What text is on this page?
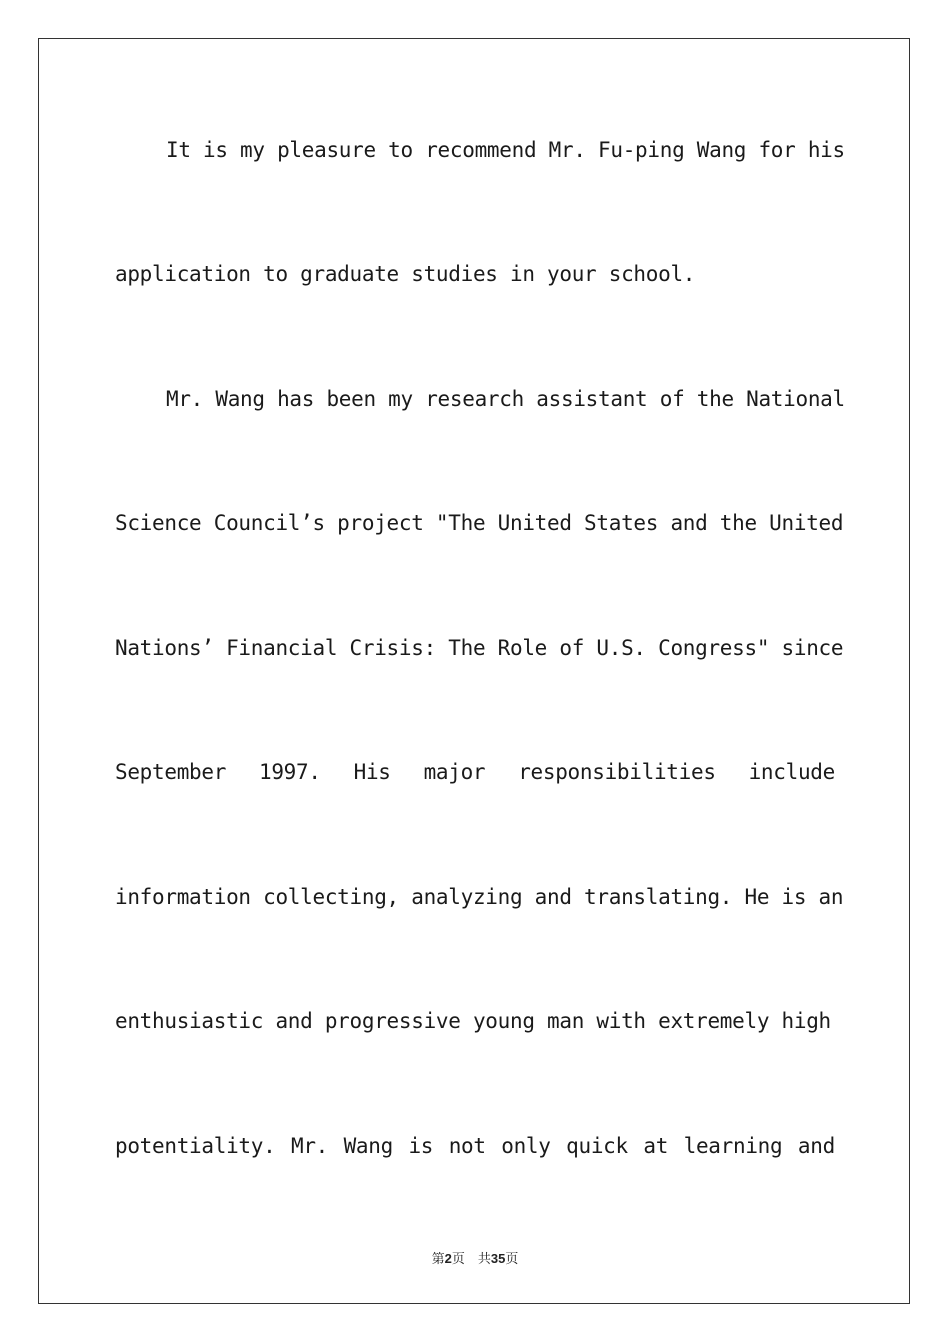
It is my pleasure to recommend Mr. Fu-ping Wang for his
application to graduate studies in your school.
Mr. Wang has been my research assistant of the National
Science Council’s project "The United States and the United
Nations’ Financial Crisis: The Role of U.S. Congress" since
September 1997. His major responsibilities include
information collecting, analyzing and translating. He is an
enthusiastic and progressive young man with extremely high
potentiality. Mr. Wang is not only quick at learning and
第2页　共35页
